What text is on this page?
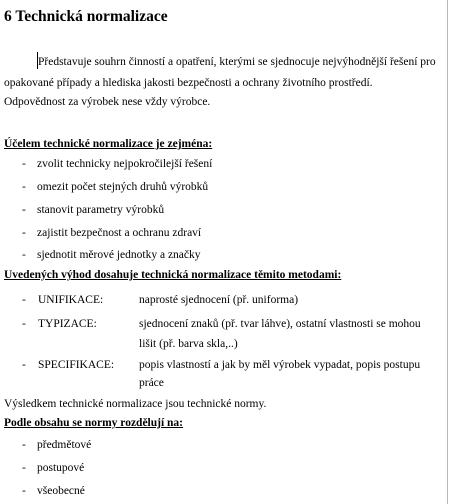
6 Technická normalizace
Představuje souhrn činností a opatření, kterými se sjednocuje nejvýhodnější řešení pro
opakované případy a hlediska jakosti bezpečnosti a ochrany životního prostředí.
Odpovědnost za výrobek nese vždy výrobce.
Účelem technické normalizace je zejména:
- zvolit technicky nejpokročilejší řešení
- omezit počet stejných druhů výrobků
- stanovit parametry výrobků
- zajistit bezpečnost a ochranu zdraví
- sjednotit měrové jednotky a značky
Uvedených výhod dosahuje technická normalizace těmito metodami:
- UNIFIKACE:	naprosté sjednocení (př. uniforma)
- TYPIZACE:	sjednocení znaků (př. tvar láhve), ostatní vlastnosti se mohou
lišit (př. barva skla,..)
- SPECIFIKACE: popis vlastností a jak by měl výrobek vypadat, popis postupu
práce
Výsledkem technické normalizace jsou technické normy.
Podle obsahu se normy rozdělují na:
- předmětové
- postupové
- všeobecné
